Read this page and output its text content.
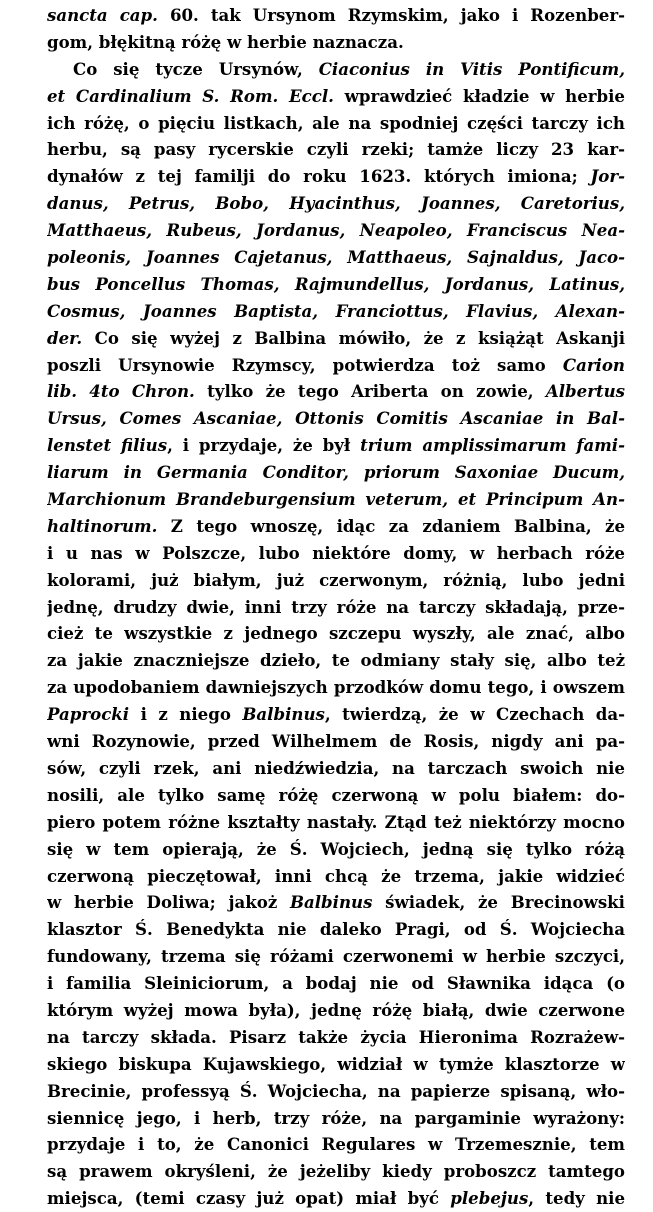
sancta cap. 60. tak Ursynom Rzymskim, jako i Rozenber-
gom, błękitną różę w herbie naznacza.
Co się tycze Ursynów, Ciaconius in Vitis Pontificum,
et Cardinalium S. Rom. Eccl. wprawdzieć kładzie w herbie
ich różę, o pięciu listkach, ale na spodniej części tarczy ich
herbu, są pasy rycerskie czyli rzeki; tamże liczy 23 kar-
dynałów z tej familji do roku 1623. których imiona; Jor-
danus, Petrus, Bobo, Hyacinthus, Joannes, Caretorius,
Matthaeus, Rubeus, Jordanus, Neapoleo, Franciscus Nea-
poleonis, Joannes Cajetanus, Matthaeus, Sajnaldus, Jaco-
bus Poncellus Thomas, Rajmundellus, Jordanus, Latinus,
Cosmus, Joannes Baptista, Franciottus, Flavius, Alexan-
der. Co się wyżej z Balbina mówiło, że z książąt Askanji
poszli Ursynowie Rzymscy, potwierdza toż samo Carion
lib. 4to Chron. tylko że tego Ariberta on zowie, Albertus
Ursus, Comes Ascaniae, Ottonis Comitis Ascaniae in Bal-
lenstet filius, i przydaje, że był trium amplissimarum fami-
liarum in Germania Conditor, priorum Saxoniae Ducum,
Marchionum Brandeburgensium veterum, et Principum An-
haltinorum. Z tego wnoszę, idąc za zdaniem Balbina, że
i u nas w Polszcze, lubo niektóre domy, w herbach róże
kolorami, już białym, już czerwonym, różnią, lubo jedni
jednę, drudzy dwie, inni trzy róże na tarczy składają, prze-
cież te wszystkie z jednego szczepu wyszły, ale znać, albo
za jakie znaczniejsze dzieło, te odmiany stały się, albo też
za upodobaniem dawniejszych przodków domu tego, i owszem
Paprocki i z niego Balbinus, twierdzą, że w Czechach da-
wni Rozynowie, przed Wilhelmem de Rosis, nigdy ani pa-
sów, czyli rzek, ani niedźwiedzia, na tarczach swoich nie
nosili, ale tylko samę różę czerwoną w polu białem: do-
piero potem różne kształty nastały. Ztąd też niektórzy mocno
się w tem opierają, że Ś. Wojciech, jedną się tylko różą
czerwoną pieczętował, inni chcą że trzema, jakie widzieć
w herbie Doliwa; jakoż Balbinus świadek, że Brecinowski
klasztor Ś. Benedykta nie daleko Pragi, od Ś. Wojciecha
fundowany, trzema się różami czerwonemi w herbie szczyci,
i familia Sleiniciorum, a bodaj nie od Sławnika idąca (o
którym wyżej mowa była), jednę różę białą, dwie czerwone
na tarczy składa. Pisarz także życia Hieronima Rozrażew-
skiego biskupa Kujawskiego, widział w tymże klasztorze w
Brecinie, professyą Ś. Wojciecha, na papierze spisaną, wło-
siennicę jego, i herb, trzy róże, na pargaminie wyrażony:
przydaje i to, że Canonici Regulares w Trzemesznie, tem
są prawem okryśleni, że jeżeliby kiedy proboszcz tamtego
miejsca, (temi czasy już opat) miał być plebejus, tedy nie
